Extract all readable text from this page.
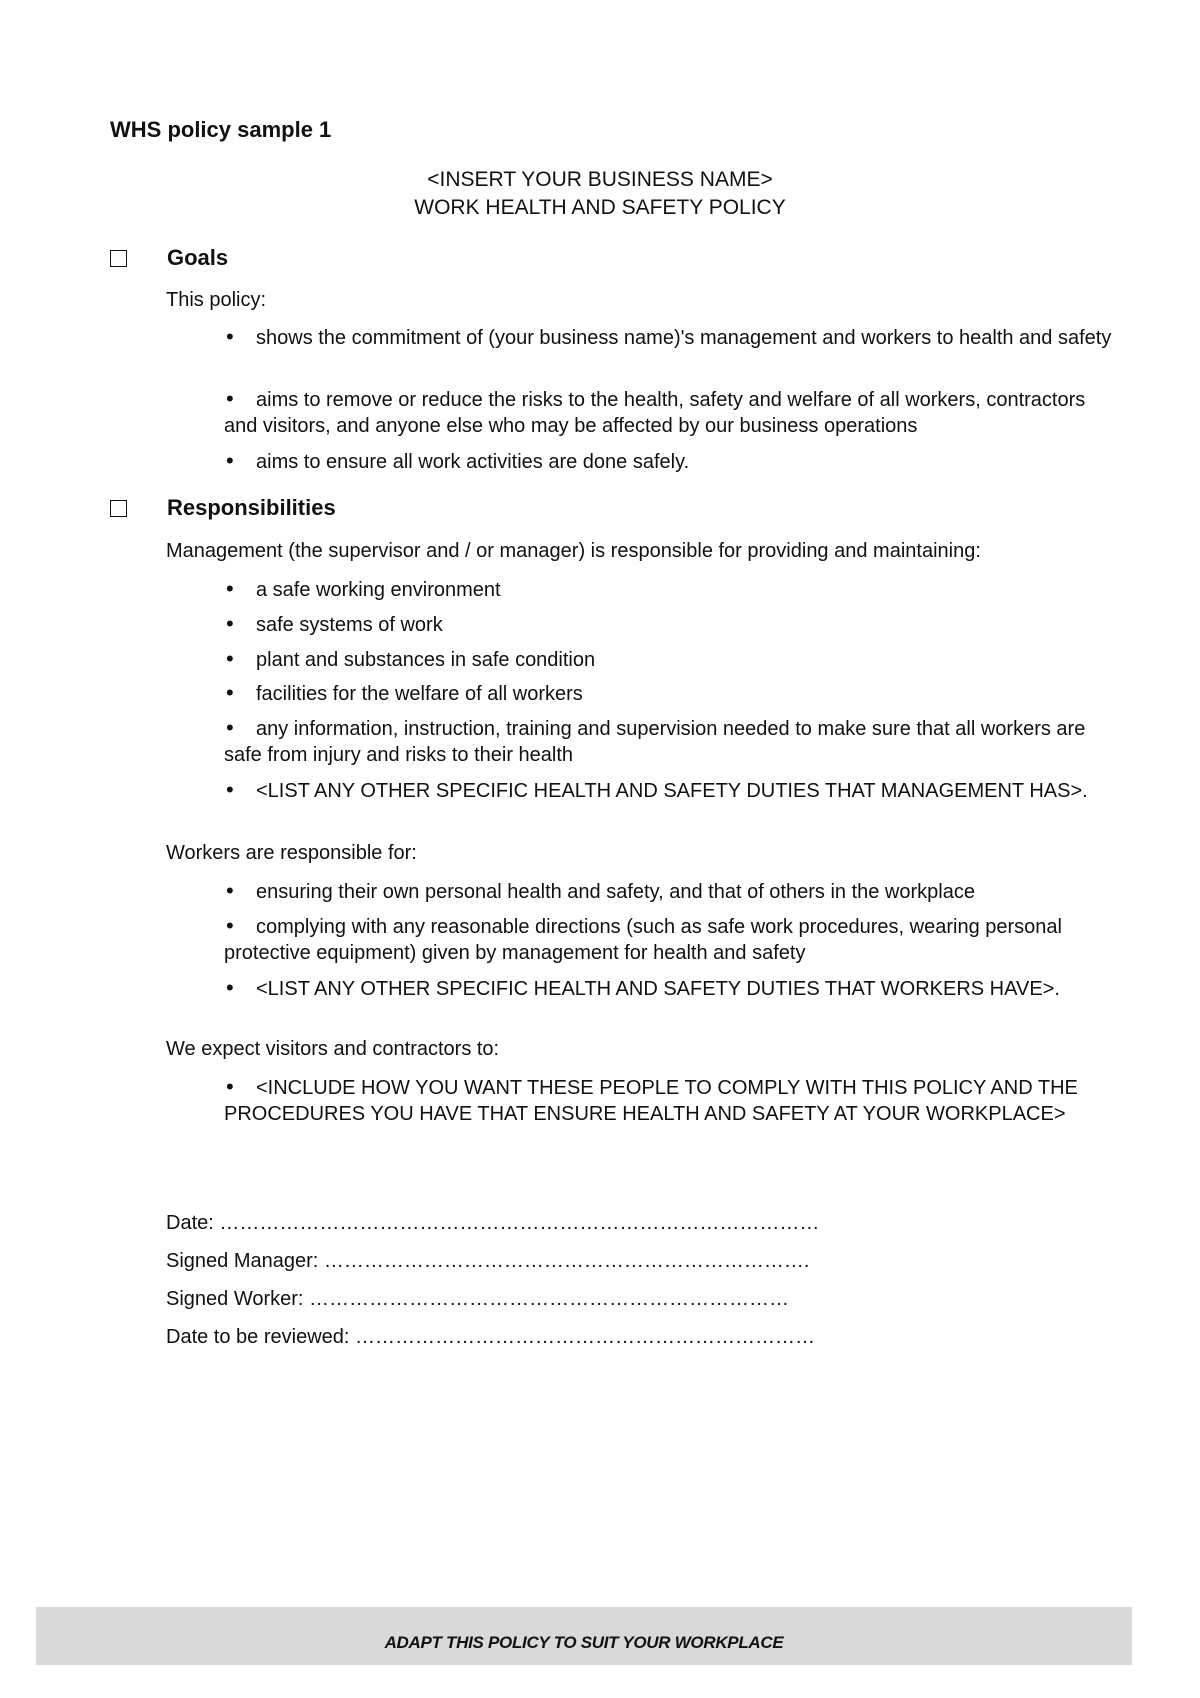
WHS policy sample 1
<INSERT YOUR BUSINESS NAME>
WORK HEALTH AND SAFETY POLICY
Goals
This policy:
•shows the commitment of (your business name)'s management and workers to health and safety
•aims to remove or reduce the risks to the health, safety and welfare of all workers, contractors and visitors, and anyone else who may be affected by our business operations
•aims to ensure all work activities are done safely.
Responsibilities
Management (the supervisor and / or manager) is responsible for providing and maintaining:
•a safe working environment
•safe systems of work
•plant and substances in safe condition
•facilities for the welfare of all workers
•any information, instruction, training and supervision needed to make sure that all workers are safe from injury and risks to their health
•<LIST ANY OTHER SPECIFIC HEALTH AND SAFETY DUTIES THAT MANAGEMENT HAS>.
Workers are responsible for:
•ensuring their own personal health and safety, and that of others in the workplace
•complying with any reasonable directions (such as safe work procedures, wearing personal protective equipment) given by management for health and safety
•<LIST ANY OTHER SPECIFIC HEALTH AND SAFETY DUTIES THAT WORKERS HAVE>.
We expect visitors and contractors to:
•<INCLUDE HOW YOU WANT THESE PEOPLE TO COMPLY WITH THIS POLICY AND THE PROCEDURES YOU HAVE THAT ENSURE HEALTH AND SAFETY AT YOUR WORKPLACE>
Date: ………………………………………………………………………………
Signed Manager: ……………………………………………………………….
Signed Worker: ………………………………………………………………
Date to be reviewed: ……………………………………………………………
ADAPT THIS POLICY TO SUIT YOUR WORKPLACE
